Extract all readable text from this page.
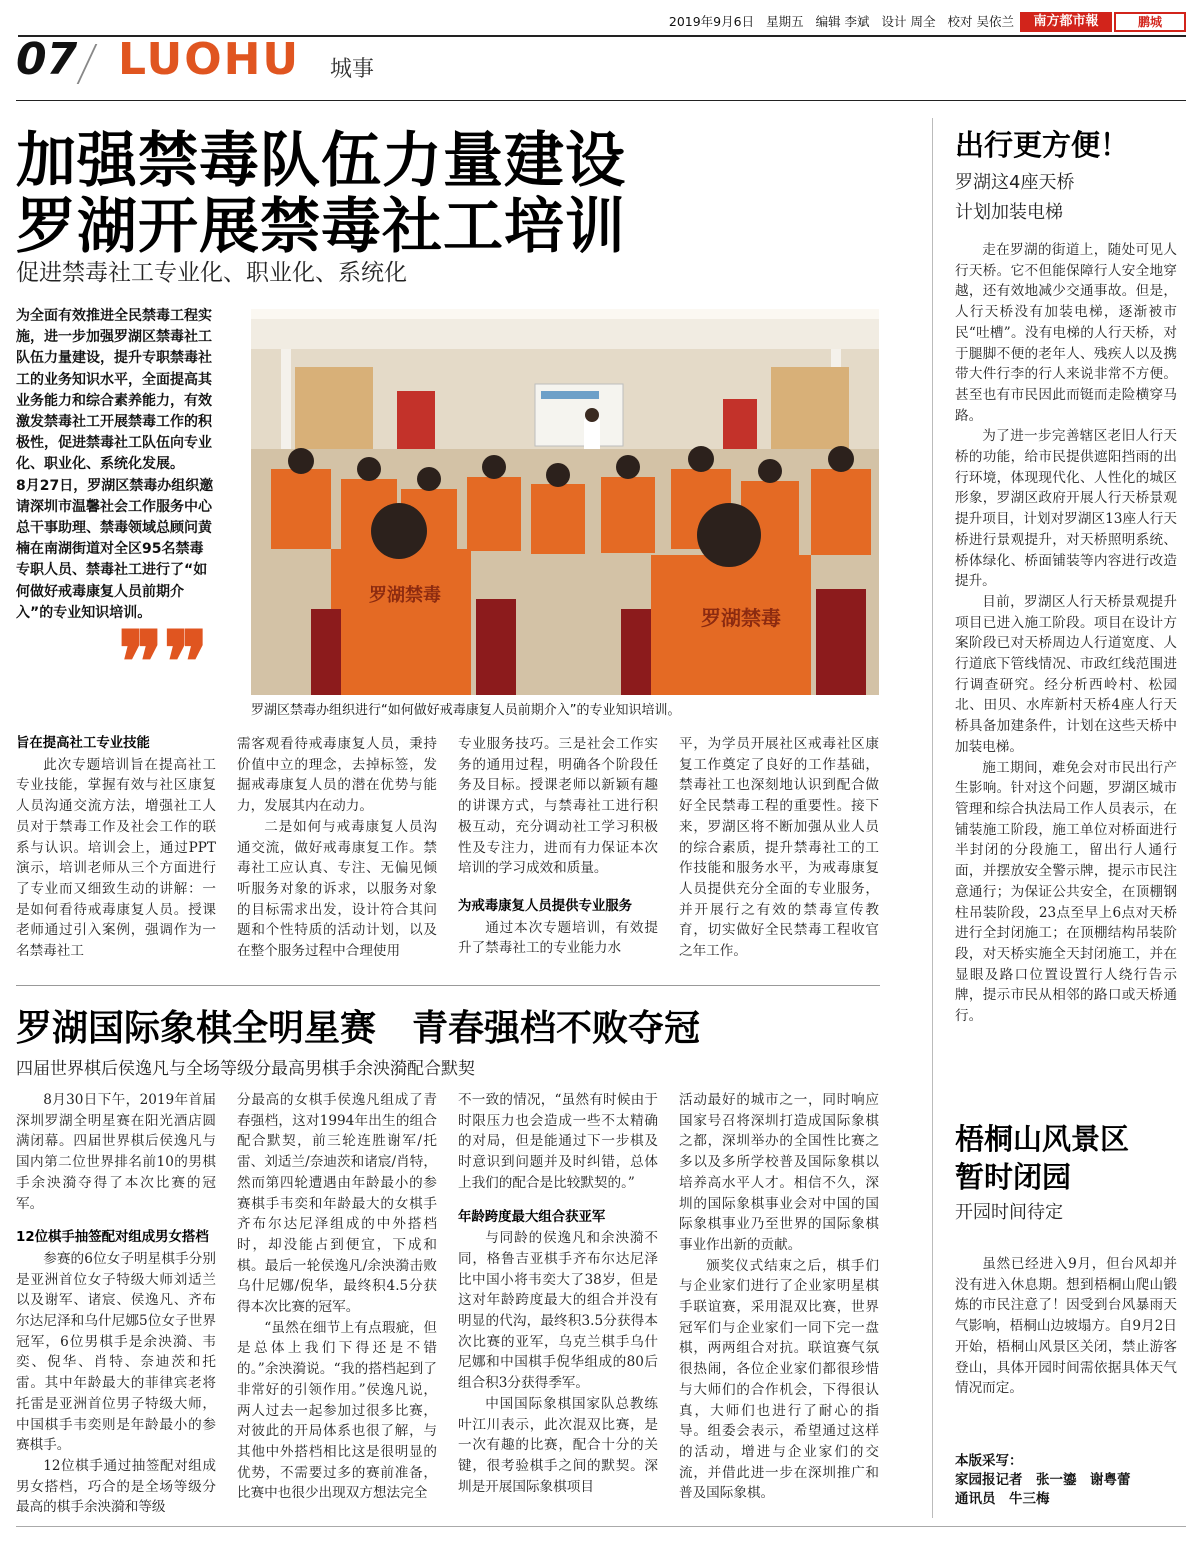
2019年9月6日 星期五 编辑 李斌 设计 周全 校对 吴依兰	南方都市報	鹏城
07 LUOHU 城事
加强禁毒队伍力量建设
罗湖开展禁毒社工培训
促进禁毒社工专业化、职业化、系统化

为全面有效推进全民禁毒工程实施，进一步加强罗湖区禁毒社工队伍力量建设，提升专职禁毒社工的业务知识水平，全面提高其业务能力和综合素养能力，有效激发禁毒社工开展禁毒工作的积极性，促进禁毒社工队伍向专业化、职业化、系统化发展。

8月27日，罗湖区禁毒办组织邀请深圳市温馨社会工作服务中心总干事助理、禁毒领域总顾问黄楠在南湖街道对全区95名禁毒专职人员、禁毒社工进行了“如何做好戒毒康复人员前期介入”的专业知识培训。

❞❞
罗湖禁毒
罗湖禁毒
罗湖区禁毒办组织进行“如何做好戒毒康复人员前期介入”的专业知识培训。

旨在提高社工专业技能

此次专题培训旨在提高社工专业技能，掌握有效与社区康复人员沟通交流方法，增强社工人员对于禁毒工作及社会工作的联系与认识。培训会上，通过PPT演示，培训老师从三个方面进行了专业而又细致生动的讲解：一是如何看待戒毒康复人员。授课老师通过引入案例，强调作为一名禁毒社工

需客观看待戒毒康复人员，秉持价值中立的理念，去掉标签，发掘戒毒康复人员的潜在优势与能力，发展其内在动力。

二是如何与戒毒康复人员沟通交流，做好戒毒康复工作。禁毒社工应认真、专注、无偏见倾听服务对象的诉求，以服务对象的目标需求出发，设计符合其问题和个性特质的活动计划，以及在整个服务过程中合理使用

专业服务技巧。三是社会工作实务的通用过程，明确各个阶段任务及目标。授课老师以新颖有趣的讲课方式，与禁毒社工进行积极互动，充分调动社工学习积极性及专注力，进而有力保证本次培训的学习成效和质量。

为戒毒康复人员提供专业服务

通过本次专题培训，有效提升了禁毒社工的专业能力水

平，为学员开展社区戒毒社区康复工作奠定了良好的工作基础，禁毒社工也深刻地认识到配合做好全民禁毒工程的重要性。接下来，罗湖区将不断加强从业人员的综合素质，提升禁毒社工的工作技能和服务水平，为戒毒康复人员提供充分全面的专业服务，并开展行之有效的禁毒宣传教育，切实做好全民禁毒工程收官之年工作。

罗湖国际象棋全明星赛　青春强档不败夺冠
四届世界棋后侯逸凡与全场等级分最高男棋手余泱漪配合默契

8月30日下午，2019年首届深圳罗湖全明星赛在阳光酒店圆满闭幕。四届世界棋后侯逸凡与国内第二位世界排名前10的男棋手余泱漪夺得了本次比赛的冠军。

12位棋手抽签配对组成男女搭档

参赛的6位女子明星棋手分别是亚洲首位女子特级大师刘适兰以及谢军、诸宸、侯逸凡、齐布尔达尼泽和乌什尼娜5位女子世界冠军，6位男棋手是余泱漪、韦奕、倪华、肖特、奈迪茨和托雷。其中年龄最大的菲律宾老将托雷是亚洲首位男子特级大师，中国棋手韦奕则是年龄最小的参赛棋手。

12位棋手通过抽签配对组成男女搭档，巧合的是全场等级分最高的棋手余泱漪和等级

分最高的女棋手侯逸凡组成了青春强档，这对1994年出生的组合配合默契，前三轮连胜谢军/托雷、刘适兰/奈迪茨和诸宸/肖特，然而第四轮遭遇由年龄最小的参赛棋手韦奕和年龄最大的女棋手齐布尔达尼泽组成的中外搭档时，却没能占到便宜，下成和棋。最后一轮侯逸凡/余泱漪击败乌什尼娜/倪华，最终积4.5分获得本次比赛的冠军。

“虽然在细节上有点瑕疵，但是总体上我们下得还是不错的。”余泱漪说。“我的搭档起到了非常好的引领作用。”侯逸凡说，两人过去一起参加过很多比赛，对彼此的开局体系也很了解，与其他中外搭档相比这是很明显的优势，不需要过多的赛前准备，比赛中也很少出现双方想法完全

不一致的情况，“虽然有时候由于时限压力也会造成一些不太精确的对局，但是能通过下一步棋及时意识到问题并及时纠错，总体上我们的配合是比较默契的。”

年龄跨度最大组合获亚军

与同龄的侯逸凡和余泱漪不同，格鲁吉亚棋手齐布尔达尼泽比中国小将韦奕大了38岁，但是这对年龄跨度最大的组合并没有明显的代沟，最终积3.5分获得本次比赛的亚军，乌克兰棋手乌什尼娜和中国棋手倪华组成的80后组合积3分获得季军。

中国国际象棋国家队总教练叶江川表示，此次混双比赛，是一次有趣的比赛，配合十分的关键，很考验棋手之间的默契。深圳是开展国际象棋项目

活动最好的城市之一，同时响应国家号召将深圳打造成国际象棋之都，深圳举办的全国性比赛之多以及多所学校普及国际象棋以培养高水平人才。相信不久，深圳的国际象棋事业会对中国的国际象棋事业乃至世界的国际象棋事业作出新的贡献。

颁奖仪式结束之后，棋手们与企业家们进行了企业家明星棋手联谊赛，采用混双比赛，世界冠军们与企业家们一同下完一盘棋，两两组合对抗。联谊赛气氛很热闹，各位企业家们都很珍惜与大师们的合作机会，下得很认真，大师们也进行了耐心的指导。组委会表示，希望通过这样的活动，增进与企业家们的交流，并借此进一步在深圳推广和普及国际象棋。

出行更方便！
罗湖这4座天桥
计划加装电梯

走在罗湖的街道上，随处可见人行天桥。它不但能保障行人安全地穿越，还有效地减少交通事故。但是，人行天桥没有加装电梯，逐渐被市民“吐槽”。没有电梯的人行天桥，对于腿脚不便的老年人、残疾人以及携带大件行李的行人来说非常不方便。甚至也有市民因此而铤而走险横穿马路。

为了进一步完善辖区老旧人行天桥的功能，给市民提供遮阳挡雨的出行环境，体现现代化、人性化的城区形象，罗湖区政府开展人行天桥景观提升项目，计划对罗湖区13座人行天桥进行景观提升，对天桥照明系统、桥体绿化、桥面铺装等内容进行改造提升。

目前，罗湖区人行天桥景观提升项目已进入施工阶段。项目在设计方案阶段已对天桥周边人行道宽度、人行道底下管线情况、市政红线范围进行调查研究。经分析西岭村、松园北、田贝、水库新村天桥4座人行天桥具备加建条件，计划在这些天桥中加装电梯。

施工期间，难免会对市民出行产生影响。针对这个问题，罗湖区城市管理和综合执法局工作人员表示，在铺装施工阶段，施工单位对桥面进行半封闭的分段施工，留出行人通行面，并摆放安全警示牌，提示市民注意通行；为保证公共安全，在顶棚钢柱吊装阶段，23点至早上6点对天桥进行全封闭施工；在顶棚结构吊装阶段，对天桥实施全天封闭施工，并在显眼及路口位置设置行人绕行告示牌，提示市民从相邻的路口或天桥通行。

梧桐山风景区
暂时闭园
开园时间待定

虽然已经进入9月，但台风却并没有进入休息期。想到梧桐山爬山锻炼的市民注意了！因受到台风暴雨天气影响，梧桐山边坡塌方。自9月2日开始，梧桐山风景区关闭，禁止游客登山，具体开园时间需依据具体天气情况而定。

本版采写：
家园报记者　张一鎏　谢粤蕾
通讯员　牛三梅
